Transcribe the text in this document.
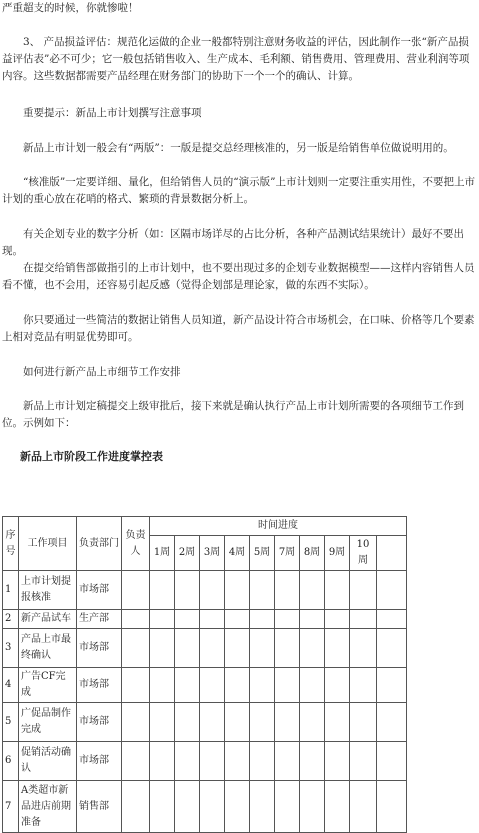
严重超支的时候，你就惨啦！

3、 产品损益评估：规范化运做的企业一般都特别注意财务收益的评估，因此制作一张“新产品损益评估表”必不可少；它一般包括销售收入、生产成本、毛利额、销售费用、管理费用、营业利润等项内容。这些数据都需要产品经理在财务部门的协助下一个一个的确认、计算。

重要提示：新品上市计划撰写注意事项

新品上市计划一般会有“两版”：一版是提交总经理核准的，另一版是给销售单位做说明用的。

“核准版”一定要详细、量化，但给销售人员的“演示版”上市计划则一定要注重实用性，不要把上市计划的重心放在花哨的格式、繁琐的背景数据分析上。

有关企划专业的数字分析（如：区隔市场详尽的占比分析，各种产品测试结果统计）最好不要出现。

在提交给销售部做指引的上市计划中，也不要出现过多的企划专业数据模型——这样内容销售人员看不懂，也不会用，还容易引起反感（觉得企划部是理论家，做的东西不实际）。

你只要通过一些简洁的数据让销售人员知道，新产品设计符合市场机会，在口味、价格等几个要素上相对竞品有明显优势即可。

如何进行新产品上市细节工作安排

新品上市计划定稿提交上级审批后，接下来就是确认执行产品上市计划所需要的各项细节工作到位。示例如下：

新品上市阶段工作进度掌控表
序号	工作项目	负责部门	负责人	时间进度									
				1周	2周	3周	4周	5周	7周	8周	9周	10周	
1	上市计划提报核准	市场部											
2	新产品试车	生产部											
3	产品上市最终确认	市场部											
4	广告CF完成	市场部											
5	广促品制作完成	市场部											
6	促销活动确认	市场部											
7	A类超市新品进店前期准备	销售部											
